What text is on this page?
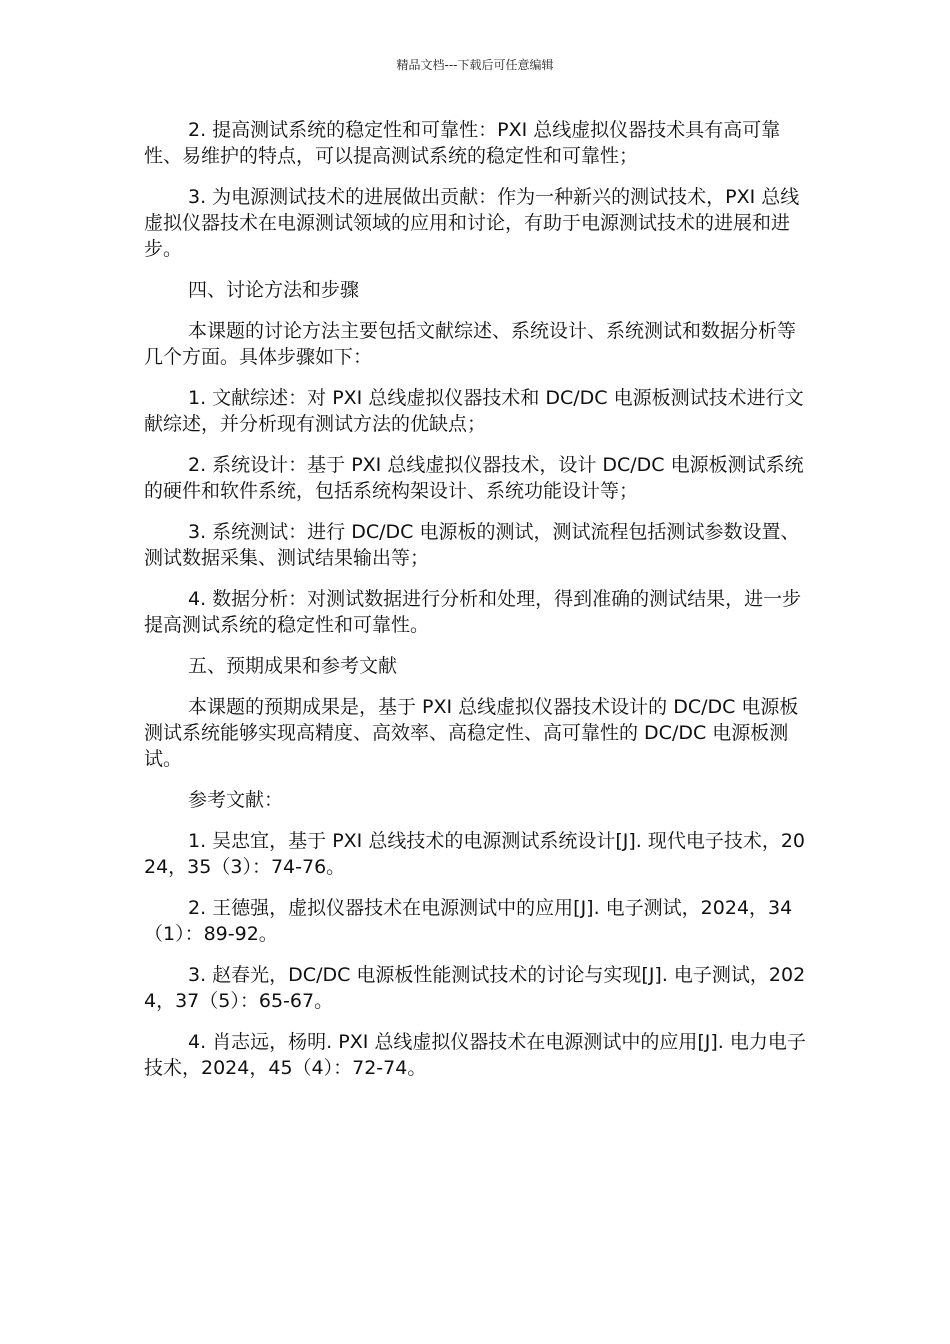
精品文档---下载后可任意编辑

2. 提高测试系统的稳定性和可靠性：PXI 总线虚拟仪器技术具有高可靠性、易维护的特点，可以提高测试系统的稳定性和可靠性；

3. 为电源测试技术的进展做出贡献：作为一种新兴的测试技术，PXI 总线虚拟仪器技术在电源测试领域的应用和讨论，有助于电源测试技术的进展和进步。

四、讨论方法和步骤

本课题的讨论方法主要包括文献综述、系统设计、系统测试和数据分析等几个方面。具体步骤如下：

1. 文献综述：对 PXI 总线虚拟仪器技术和 DC/DC 电源板测试技术进行文献综述，并分析现有测试方法的优缺点；

2. 系统设计：基于 PXI 总线虚拟仪器技术，设计 DC/DC 电源板测试系统的硬件和软件系统，包括系统构架设计、系统功能设计等；

3. 系统测试：进行 DC/DC 电源板的测试，测试流程包括测试参数设置、测试数据采集、测试结果输出等；

4. 数据分析：对测试数据进行分析和处理，得到准确的测试结果，进一步提高测试系统的稳定性和可靠性。

五、预期成果和参考文献

本课题的预期成果是，基于 PXI 总线虚拟仪器技术设计的 DC/DC 电源板测试系统能够实现高精度、高效率、高稳定性、高可靠性的 DC/DC 电源板测试。

参考文献：

1. 吴忠宜，基于 PXI 总线技术的电源测试系统设计[J]. 现代电子技术，2024，35（3）：74-76。

2. 王德强，虚拟仪器技术在电源测试中的应用[J]. 电子测试，2024，34（1）：89-92。

3. 赵春光，DC/DC 电源板性能测试技术的讨论与实现[J]. 电子测试，2024，37（5）：65-67。

4. 肖志远，杨明. PXI 总线虚拟仪器技术在电源测试中的应用[J]. 电力电子技术，2024，45（4）：72-74。
